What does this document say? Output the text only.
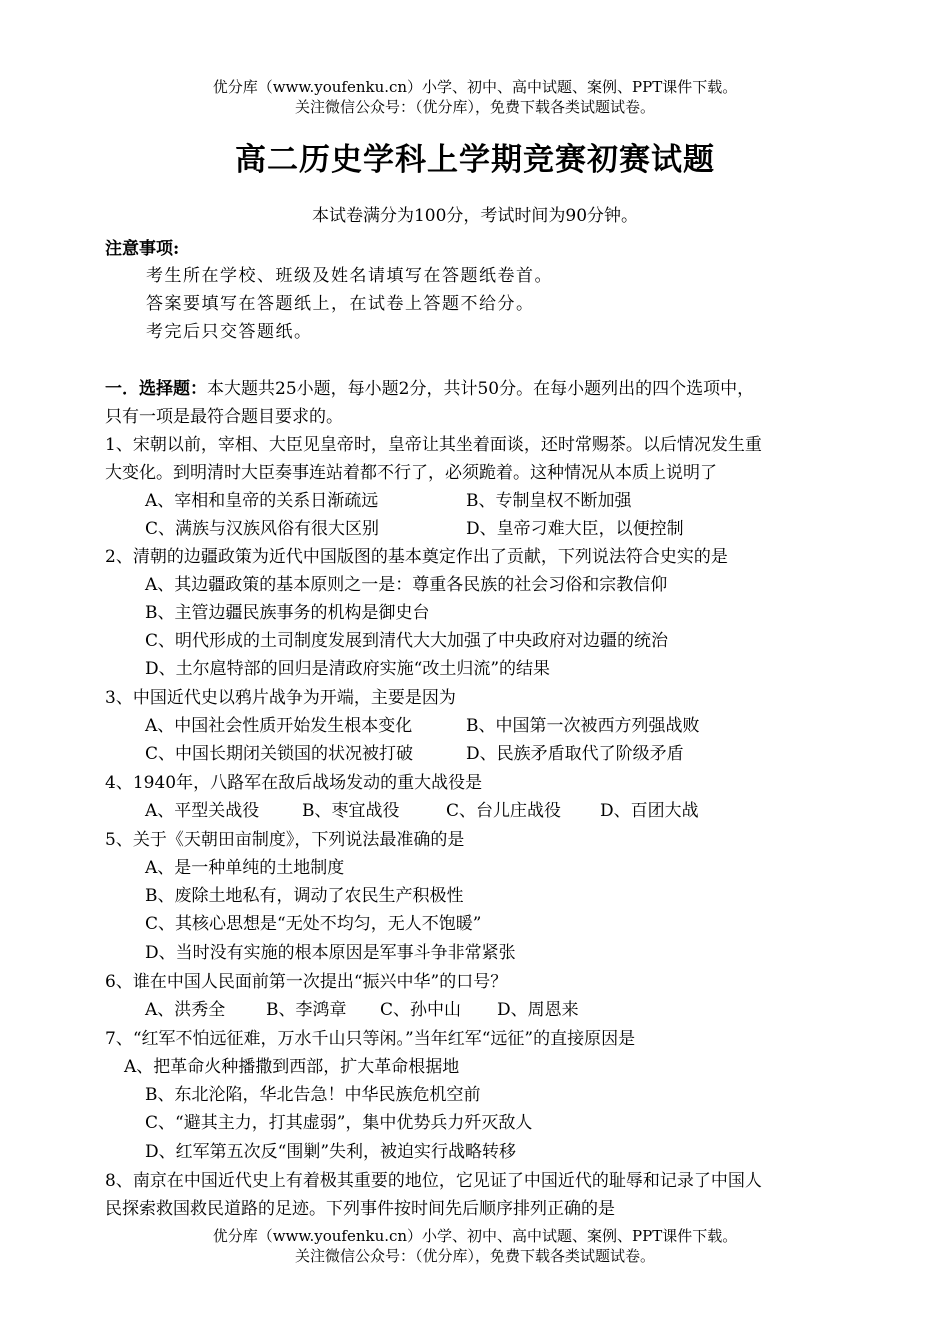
优分库（www.youfenku.cn）小学、初中、高中试题、案例、PPT课件下载。
关注微信公众号：（优分库），免费下载各类试题试卷。
高二历史学科上学期竞赛初赛试题
本试卷满分为100分，考试时间为90分钟。
注意事项:
考生所在学校、班级及姓名请填写在答题纸卷首。
答案要填写在答题纸上，在试卷上答题不给分。
考完后只交答题纸。
一．选择题：本大题共25小题，每小题2分，共计50分。在每小题列出的四个选项中，
只有一项是最符合题目要求的。
1、宋朝以前，宰相、大臣见皇帝时，皇帝让其坐着面谈，还时常赐茶。以后情况发生重
大变化。到明清时大臣奏事连站着都不行了，必须跪着。这种情况从本质上说明了
A、宰相和皇帝的关系日渐疏远	B、专制皇权不断加强
C、满族与汉族风俗有很大区别	D、皇帝刁难大臣，以便控制
2、清朝的边疆政策为近代中国版图的基本奠定作出了贡献，下列说法符合史实的是
A、其边疆政策的基本原则之一是：尊重各民族的社会习俗和宗教信仰
B、主管边疆民族事务的机构是御史台
C、明代形成的土司制度发展到清代大大加强了中央政府对边疆的统治
D、土尔扈特部的回归是清政府实施“改土归流”的结果
3、中国近代史以鸦片战争为开端，主要是因为
A、中国社会性质开始发生根本变化	B、中国第一次被西方列强战败
C、中国长期闭关锁国的状况被打破	D、民族矛盾取代了阶级矛盾
4、1940年，八路军在敌后战场发动的重大战役是
A、平型关战役	B、枣宜战役	C、台儿庄战役 D、百团大战
5、关于《天朝田亩制度》，下列说法最准确的是
A、是一种单纯的土地制度
B、废除土地私有，调动了农民生产积极性
C、其核心思想是“无处不均匀，无人不饱暖”
D、当时没有实施的根本原因是军事斗争非常紧张
6、谁在中国人民面前第一次提出“振兴中华”的口号？
A、洪秀全 B、李鸿章 C、孙中山 D、周恩来
7、“红军不怕远征难，万水千山只等闲。”当年红军“远征”的直接原因是
A、把革命火种播撒到西部，扩大革命根据地
B、东北沦陷，华北告急！中华民族危机空前
C、“避其主力，打其虚弱”，集中优势兵力歼灭敌人
D、红军第五次反“围剿”失利，被迫实行战略转移
8、南京在中国近代史上有着极其重要的地位，它见证了中国近代的耻辱和记录了中国人
民探索救国救民道路的足迹。下列事件按时间先后顺序排列正确的是
优分库（www.youfenku.cn）小学、初中、高中试题、案例、PPT课件下载。
关注微信公众号：（优分库），免费下载各类试题试卷。
